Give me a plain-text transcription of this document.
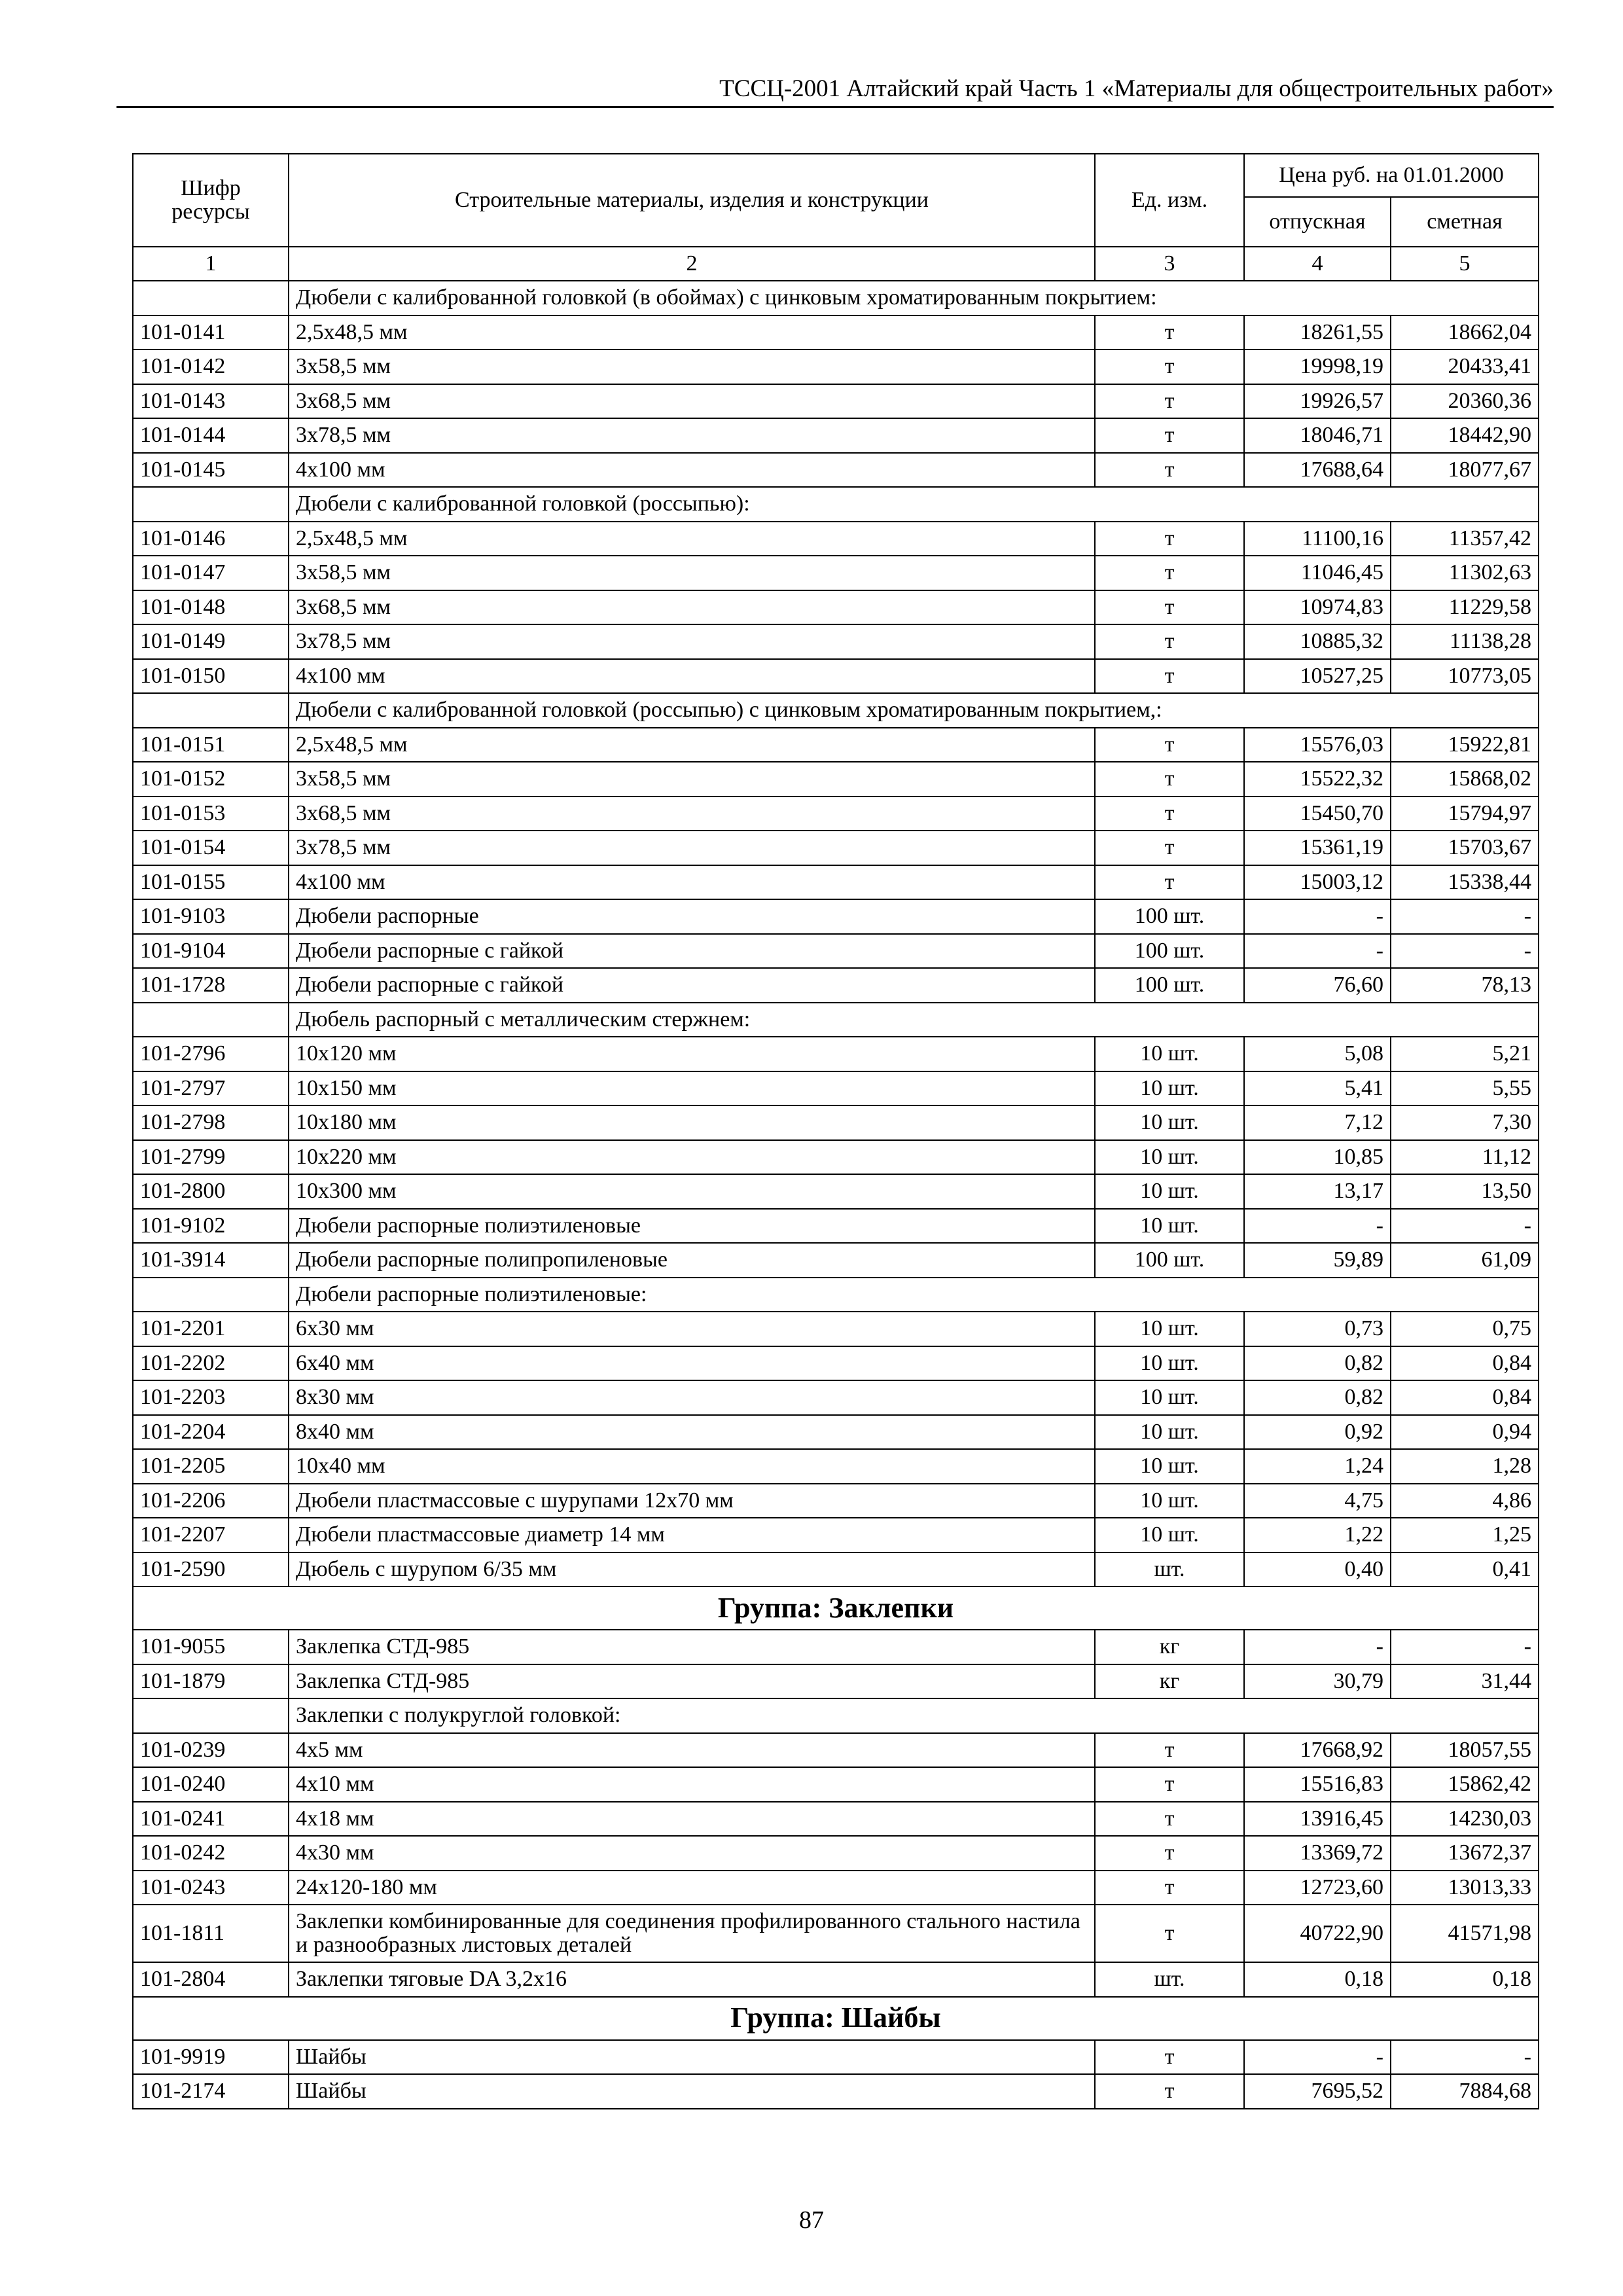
ТССЦ-2001 Алтайский край Часть 1 «Материалы для общестроительных работ»
Шифр ресурсы	Строительные материалы, изделия и конструкции	Ед. изм.	Цена руб. на 01.01.2000	
			отпускная	сметная
1	2	3	4	5
	Дюбели с калиброванной головкой (в обоймах) с цинковым хроматированным покрытием:			
101-0141	2,5х48,5 мм	т	18261,55	18662,04
101-0142	3х58,5 мм	т	19998,19	20433,41
101-0143	3х68,5 мм	т	19926,57	20360,36
101-0144	3х78,5 мм	т	18046,71	18442,90
101-0145	4х100 мм	т	17688,64	18077,67
	Дюбели с калиброванной головкой (россыпью):			
101-0146	2,5х48,5 мм	т	11100,16	11357,42
101-0147	3х58,5 мм	т	11046,45	11302,63
101-0148	3х68,5 мм	т	10974,83	11229,58
101-0149	3х78,5 мм	т	10885,32	11138,28
101-0150	4х100 мм	т	10527,25	10773,05
	Дюбели с калиброванной головкой (россыпью) с цинковым хроматированным покрытием,:			
101-0151	2,5х48,5 мм	т	15576,03	15922,81
101-0152	3х58,5 мм	т	15522,32	15868,02
101-0153	3х68,5 мм	т	15450,70	15794,97
101-0154	3х78,5 мм	т	15361,19	15703,67
101-0155	4х100 мм	т	15003,12	15338,44
101-9103	Дюбели распорные	100 шт.	-	-
101-9104	Дюбели распорные с гайкой	100 шт.	-	-
101-1728	Дюбели распорные с гайкой	100 шт.	76,60	78,13
	Дюбель распорный с металлическим стержнем:			
101-2796	10х120 мм	10 шт.	5,08	5,21
101-2797	10х150 мм	10 шт.	5,41	5,55
101-2798	10х180 мм	10 шт.	7,12	7,30
101-2799	10х220 мм	10 шт.	10,85	11,12
101-2800	10х300 мм	10 шт.	13,17	13,50
101-9102	Дюбели распорные полиэтиленовые	10 шт.	-	-
101-3914	Дюбели распорные полипропиленовые	100 шт.	59,89	61,09
	Дюбели распорные полиэтиленовые:			
101-2201	6х30 мм	10 шт.	0,73	0,75
101-2202	6х40 мм	10 шт.	0,82	0,84
101-2203	8х30 мм	10 шт.	0,82	0,84
101-2204	8х40 мм	10 шт.	0,92	0,94
101-2205	10х40 мм	10 шт.	1,24	1,28
101-2206	Дюбели пластмассовые с шурупами 12х70 мм	10 шт.	4,75	4,86
101-2207	Дюбели пластмассовые диаметр 14 мм	10 шт.	1,22	1,25
101-2590	Дюбель с шурупом 6/35 мм	шт.	0,40	0,41
Группа: Заклепки				
101-9055	Заклепка СТД-985	кг	-	-
101-1879	Заклепка СТД-985	кг	30,79	31,44
	Заклепки с полукруглой головкой:			
101-0239	4х5 мм	т	17668,92	18057,55
101-0240	4х10 мм	т	15516,83	15862,42
101-0241	4х18 мм	т	13916,45	14230,03
101-0242	4х30 мм	т	13369,72	13672,37
101-0243	24х120-180 мм	т	12723,60	13013,33
101-1811	Заклепки комбинированные для соединения профилированного стального настила и разнообразных листовых деталей	т	40722,90	41571,98
101-2804	Заклепки тяговые DA 3,2х16	шт.	0,18	0,18
Группа: Шайбы				
101-9919	Шайбы	т	-	-
101-2174	Шайбы	т	7695,52	7884,68
87
